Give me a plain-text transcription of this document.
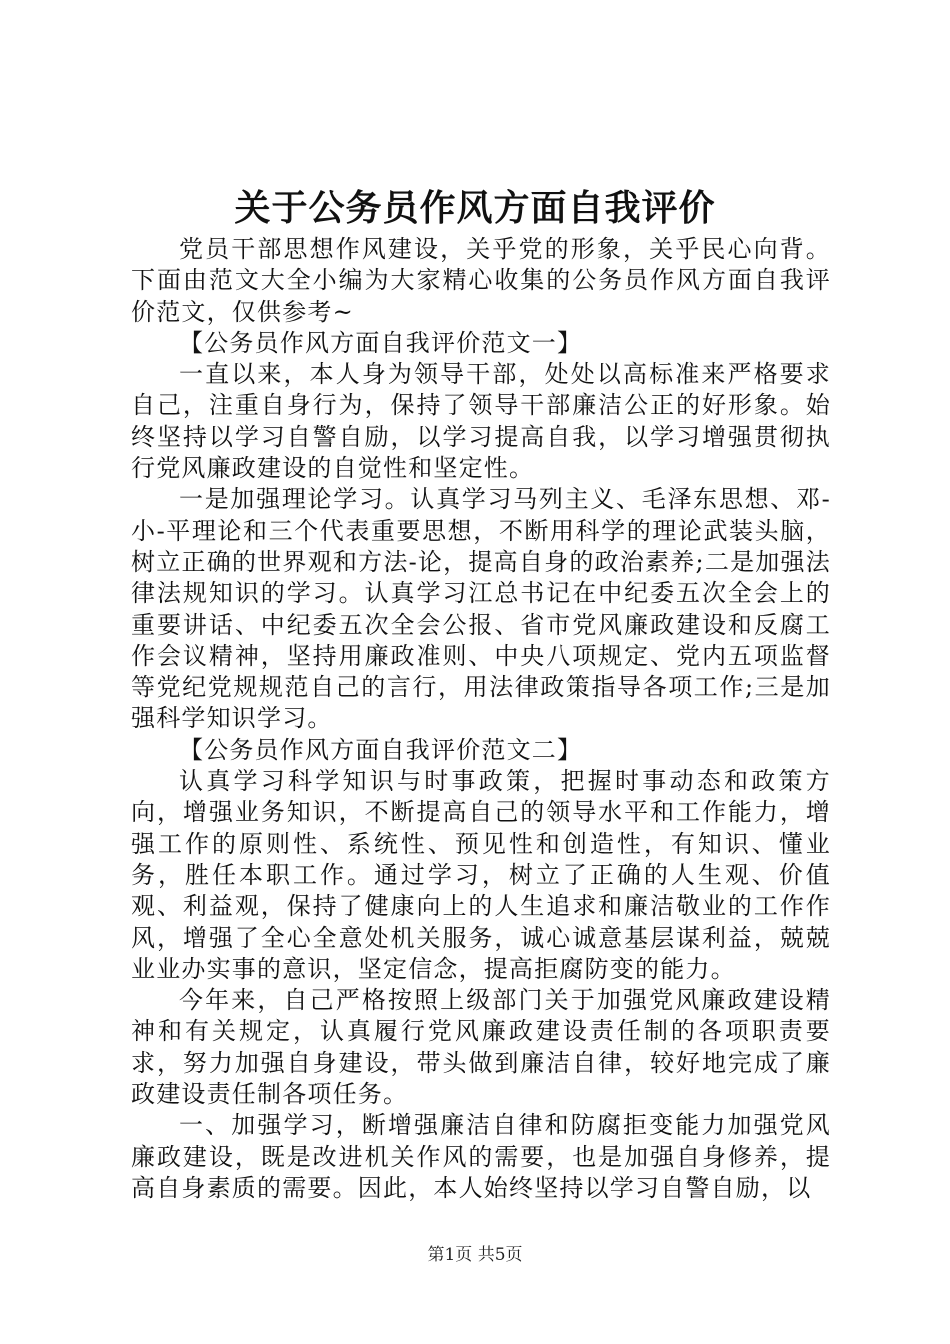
关于公务员作风方面自我评价

党员干部思想作风建设，关乎党的形象，关乎民心向背。下面由范文大全小编为大家精心收集的公务员作风方面自我评价范文，仅供参考~

【公务员作风方面自我评价范文一】

一直以来，本人身为领导干部，处处以高标准来严格要求自己，注重自身行为，保持了领导干部廉洁公正的好形象。始终坚持以学习自警自励，以学习提高自我，以学习增强贯彻执行党风廉政建设的自觉性和坚定性。

一是加强理论学习。认真学习马列主义、毛泽东思想、邓-小-平理论和三个代表重要思想，不断用科学的理论武装头脑，树立正确的世界观和方法-论，提高自身的政治素养;二是加强法律法规知识的学习。认真学习江总书记在中纪委五次全会上的重要讲话、中纪委五次全会公报、省市党风廉政建设和反腐工作会议精神，坚持用廉政准则、中央八项规定、党内五项监督等党纪党规规范自己的言行，用法律政策指导各项工作;三是加强科学知识学习。

【公务员作风方面自我评价范文二】

认真学习科学知识与时事政策，把握时事动态和政策方向，增强业务知识，不断提高自己的领导水平和工作能力，增强工作的原则性、系统性、预见性和创造性，有知识、懂业务，胜任本职工作。通过学习，树立了正确的人生观、价值观、利益观，保持了健康向上的人生追求和廉洁敬业的工作作风，增强了全心全意处机关服务，诚心诚意基层谋利益，兢兢业业办实事的意识，坚定信念，提高拒腐防变的能力。

今年来，自己严格按照上级部门关于加强党风廉政建设精神和有关规定，认真履行党风廉政建设责任制的各项职责要求，努力加强自身建设，带头做到廉洁自律，较好地完成了廉政建设责任制各项任务。

一、加强学习，断增强廉洁自律和防腐拒变能力加强党风廉政建设，既是改进机关作风的需要，也是加强自身修养，提高自身素质的需要。因此，本人始终坚持以学习自警自励，以

第1页 共5页
